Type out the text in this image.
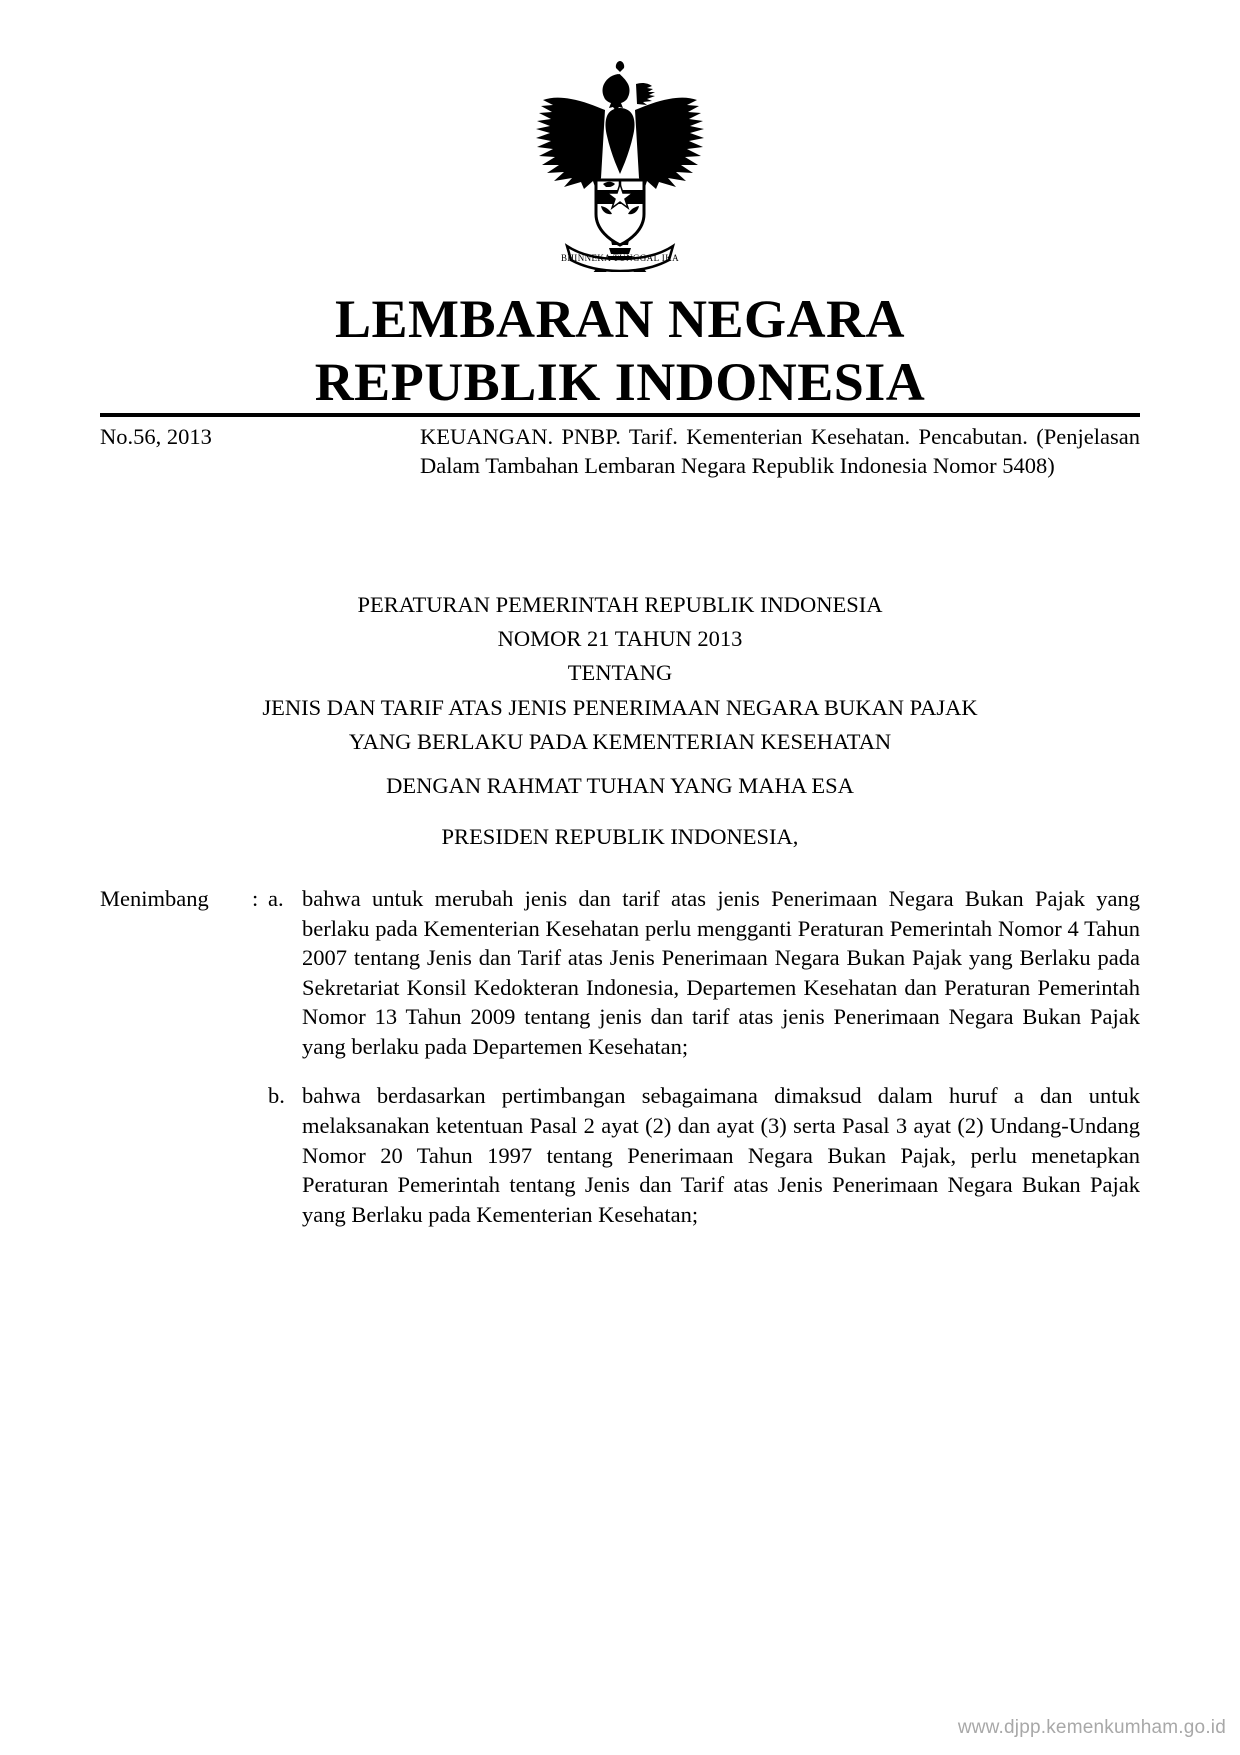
BHINNEKA TUNGGAL IKA
LEMBARAN NEGARA
REPUBLIK INDONESIA
No.56, 2013	KEUANGAN. PNBP. Tarif. Kementerian Kesehatan. Pencabutan. (Penjelasan Dalam Tambahan Lembaran Negara Republik Indonesia Nomor 5408)
PERATURAN PEMERINTAH REPUBLIK INDONESIA
NOMOR 21 TAHUN 2013
TENTANG
JENIS DAN TARIF ATAS JENIS PENERIMAAN NEGARA BUKAN PAJAK
YANG BERLAKU PADA KEMENTERIAN KESEHATAN
DENGAN RAHMAT TUHAN YANG MAHA ESA
PRESIDEN REPUBLIK INDONESIA,
Menimbang	: a. bahwa untuk merubah jenis dan tarif atas jenis Penerimaan Negara Bukan Pajak yang berlaku pada Kementerian Kesehatan perlu mengganti Peraturan Pemerintah Nomor 4 Tahun 2007 tentang Jenis dan Tarif atas Jenis Penerimaan Negara Bukan Pajak yang Berlaku pada Sekretariat Konsil Kedokteran Indonesia, Departemen Kesehatan dan Peraturan Pemerintah Nomor 13 Tahun 2009 tentang jenis dan tarif atas jenis Penerimaan Negara Bukan Pajak yang berlaku pada Departemen Kesehatan;
b. bahwa berdasarkan pertimbangan sebagaimana dimaksud dalam huruf a dan untuk melaksanakan ketentuan Pasal 2 ayat (2) dan ayat (3) serta Pasal 3 ayat (2) Undang-Undang Nomor 20 Tahun 1997 tentang Penerimaan Negara Bukan Pajak, perlu menetapkan Peraturan Pemerintah tentang Jenis dan Tarif atas Jenis Penerimaan Negara Bukan Pajak yang Berlaku pada Kementerian Kesehatan;
www.djpp.kemenkumham.go.id
